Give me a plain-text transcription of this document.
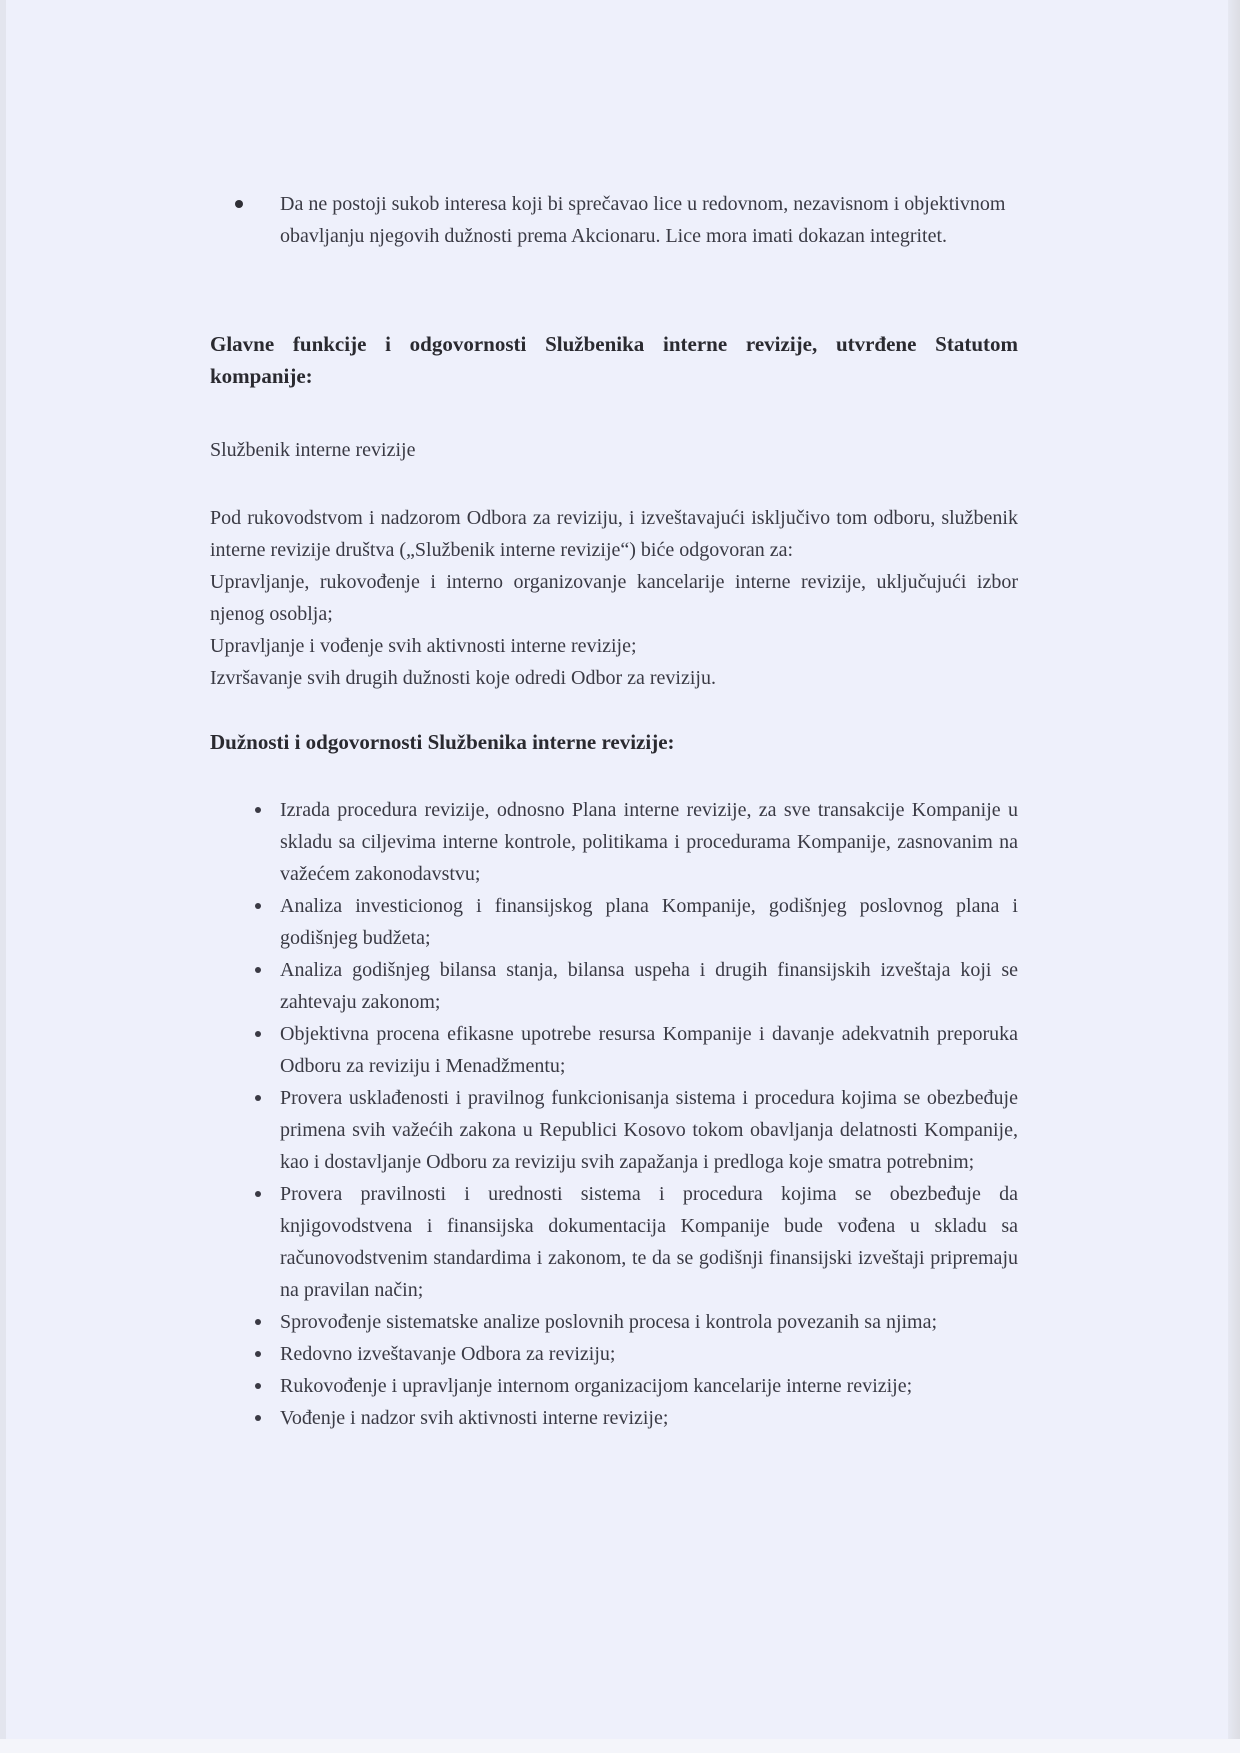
Da ne postoji sukob interesa koji bi sprečavao lice u redovnom, nezavisnom i objektivnom obavljanju njegovih dužnosti prema Akcionaru. Lice mora imati dokazan integritet.

Glavne funkcije i odgovornosti Službenika interne revizije, utvrđene Statutom kompanije:

Službenik interne revizije

Pod rukovodstvom i nadzorom Odbora za reviziju, i izveštavajući isključivo tom odboru, službenik interne revizije društva („Službenik interne revizije“) biće odgovoran za:

Upravljanje, rukovođenje i interno organizovanje kancelarije interne revizije, uključujući izbor njenog osoblja;

Upravljanje i vođenje svih aktivnosti interne revizije;

Izvršavanje svih drugih dužnosti koje odredi Odbor za reviziju.

Dužnosti i odgovornosti Službenika interne revizije:

Izrada procedura revizije, odnosno Plana interne revizije, za sve transakcije Kompanije u skladu sa ciljevima interne kontrole, politikama i procedurama Kompanije, zasnovanim na važećem zakonodavstvu;
Analiza investicionog i finansijskog plana Kompanije, godišnjeg poslovnog plana i godišnjeg budžeta;
Analiza godišnjeg bilansa stanja, bilansa uspeha i drugih finansijskih izveštaja koji se zahtevaju zakonom;
Objektivna procena efikasne upotrebe resursa Kompanije i davanje adekvatnih preporuka Odboru za reviziju i Menadžmentu;
Provera usklađenosti i pravilnog funkcionisanja sistema i procedura kojima se obezbeđuje primena svih važećih zakona u Republici Kosovo tokom obavljanja delatnosti Kompanije, kao i dostavljanje Odboru za reviziju svih zapažanja i predloga koje smatra potrebnim;
Provera pravilnosti i urednosti sistema i procedura kojima se obezbeđuje da knjigovodstvena i finansijska dokumentacija Kompanije bude vođena u skladu sa računovodstvenim standardima i zakonom, te da se godišnji finansijski izveštaji pripremaju na pravilan način;
Sprovođenje sistematske analize poslovnih procesa i kontrola povezanih sa njima;
Redovno izveštavanje Odbora za reviziju;
Rukovođenje i upravljanje internom organizacijom kancelarije interne revizije;
Vođenje i nadzor svih aktivnosti interne revizije;
